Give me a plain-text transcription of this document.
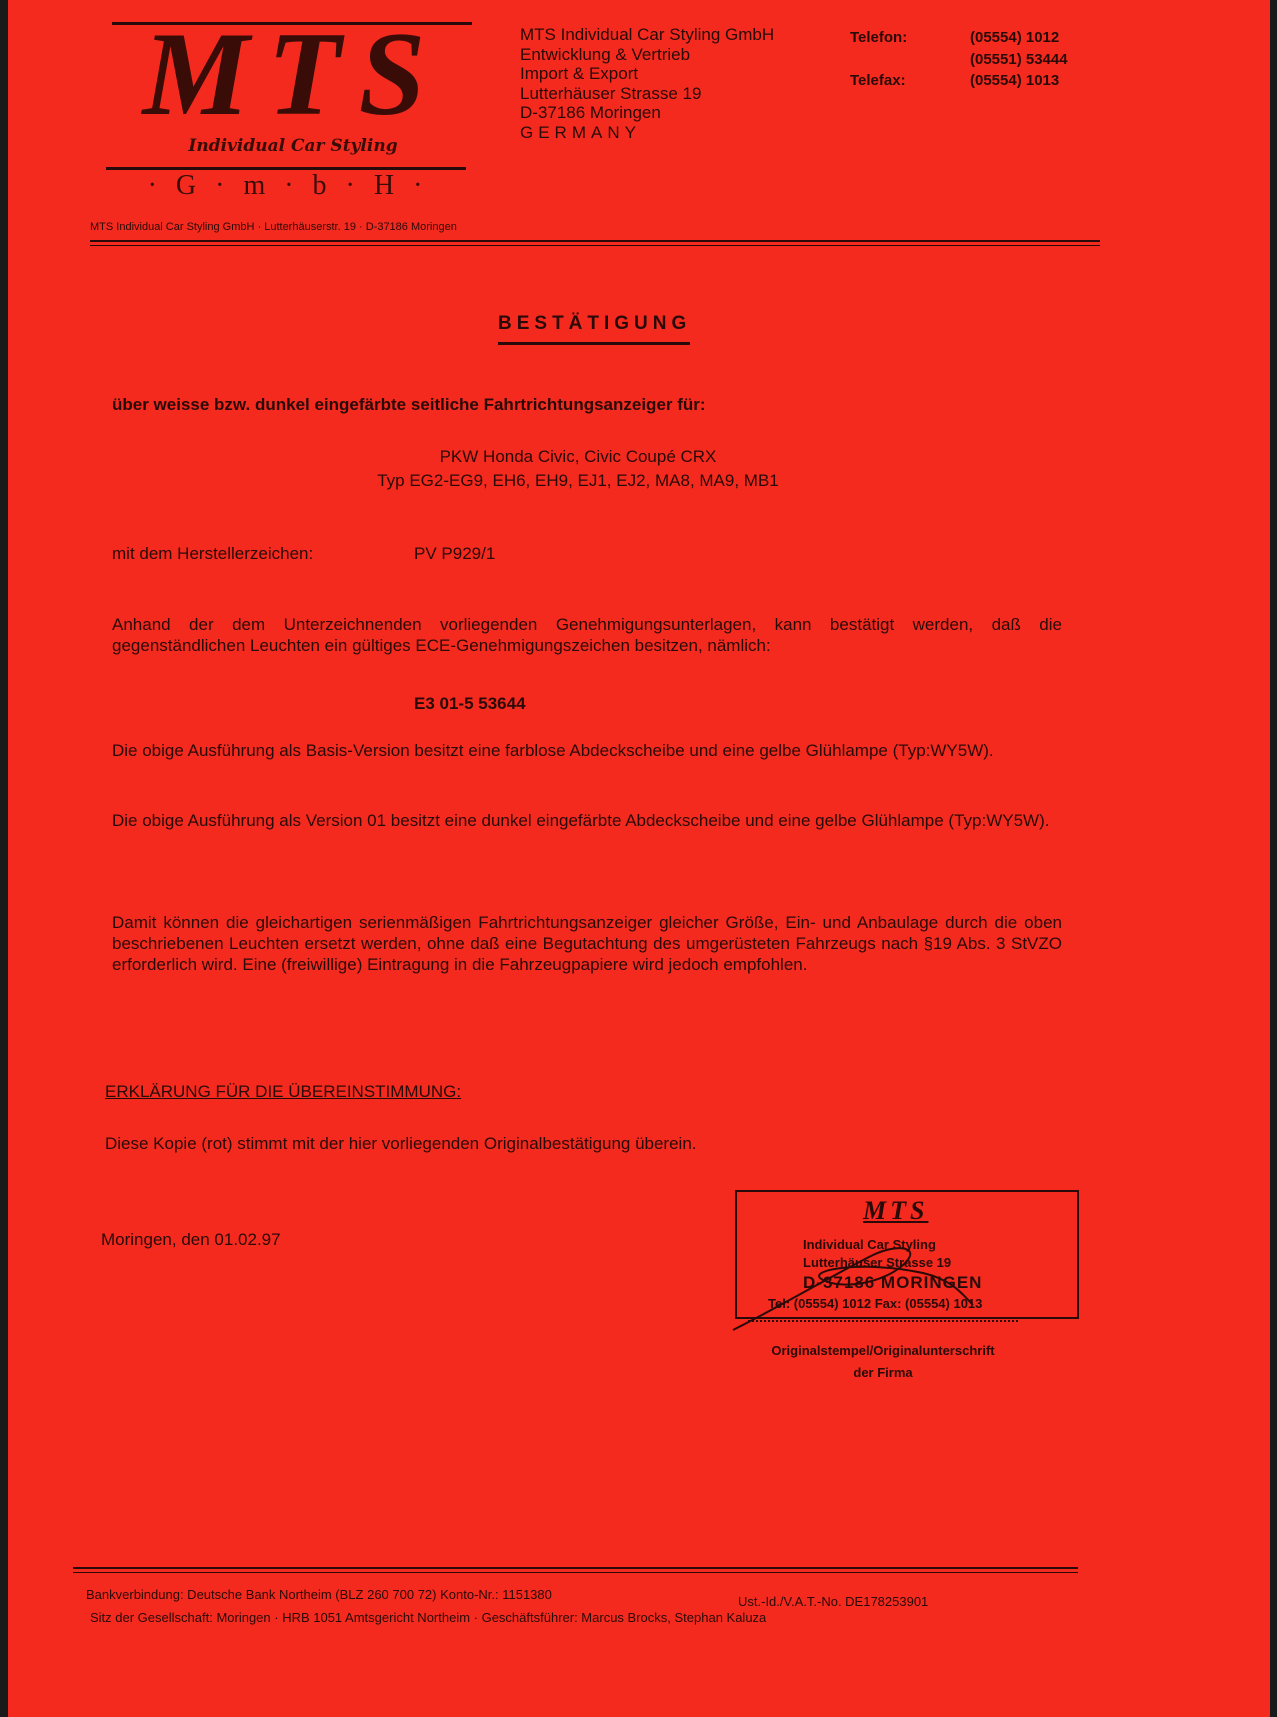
MTS
Individual Car Styling
· G · m · b · H ·
MTS Individual Car Styling GmbH
Entwicklung & Vertrieb
Import & Export
Lutterhäuser Strasse 19
D-37186 Moringen
GERMANY
Telefon:	(05554) 1012
(05551) 53444
Telefax:	(05554) 1013
MTS Individual Car Styling GmbH · Lutterhäuserstr. 19 · D-37186 Moringen
BESTÄTIGUNG
über weisse bzw. dunkel eingefärbte seitliche Fahrtrichtungsanzeiger für:
PKW Honda Civic, Civic Coupé CRX
Typ EG2-EG9, EH6, EH9, EJ1, EJ2, MA8, MA9, MB1
mit dem Herstellerzeichen:	PV P929/1
Anhand der dem Unterzeichnenden vorliegenden Genehmigungsunterlagen, kann bestätigt werden, daß die gegenständlichen Leuchten ein gültiges ECE-Genehmigungszeichen besitzen, nämlich:
E3 01-5 53644
Die obige Ausführung als Basis-Version besitzt eine farblose Abdeckscheibe und eine gelbe Glühlampe (Typ:WY5W).
Die obige Ausführung als Version 01 besitzt eine dunkel eingefärbte Abdeckscheibe und eine gelbe Glühlampe (Typ:WY5W).
Damit können die gleichartigen serienmäßigen Fahrtrichtungsanzeiger gleicher Größe, Ein- und Anbaulage durch die oben beschriebenen Leuchten ersetzt werden, ohne daß eine Begutachtung des umgerüsteten Fahrzeugs nach §19 Abs. 3 StVZO erforderlich wird. Eine (freiwillige) Eintragung in die Fahrzeugpapiere wird jedoch empfohlen.
ERKLÄRUNG FÜR DIE ÜBEREINSTIMMUNG:
Diese Kopie (rot) stimmt mit der hier vorliegenden Originalbestätigung überein.
Moringen, den 01.02.97
MTS
Individual Car Styling
Lutterhäuser Strasse 19
D-37186 MORINGEN
Tel: (05554) 1012 Fax: (05554) 1013
Originalstempel/Originalunterschrift
der Firma
Bankverbindung: Deutsche Bank Northeim (BLZ 260 700 72) Konto-Nr.: 1151380	Ust.-Id./V.A.T.-No. DE178253901
Sitz der Gesellschaft: Moringen · HRB 1051 Amtsgericht Northeim · Geschäftsführer: Marcus Brocks, Stephan Kaluza
